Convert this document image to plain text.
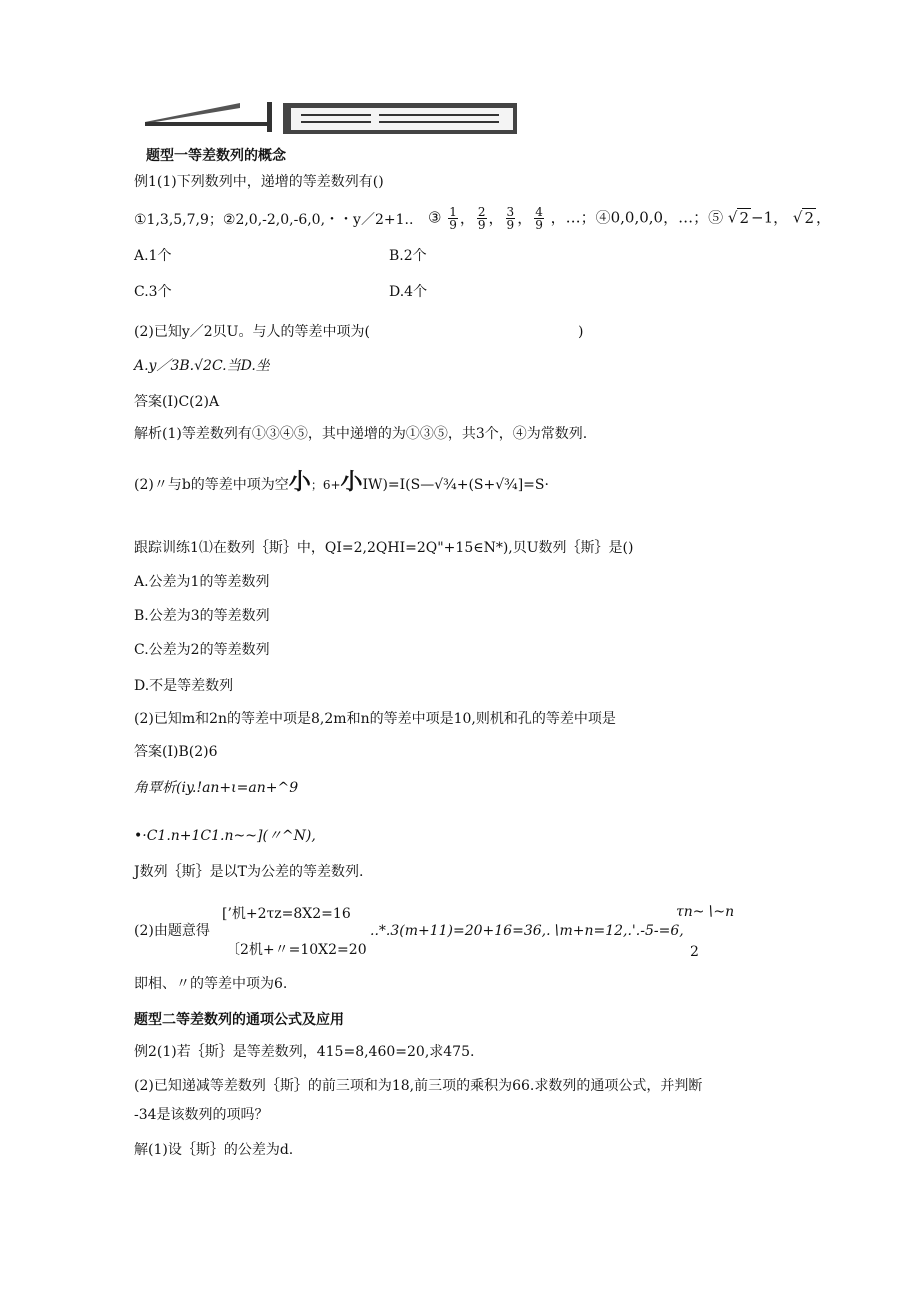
题型一等差数列的概念
例1(1)下列数列中，递增的等差数列有()
①1,3,5,7,9；②2,0,-2,0,-6,0,・・y／2+1.. ③ $\frac{1}{9}$ ， $\frac{2}{9}$ ， $\frac{3}{9}$ ， $\frac{4}{9}$ ，…；④0,0,0,0，…；⑤ √ 2 −1， √ 2 ，
A.1个	B.2个
C.3个	D.4个
(2)已知y／2贝U。与人的等差中项为(	)
A.y／3B.√2C.当D.坐
答案(I)C(2)A
解析(1)等差数列有①③④⑤，其中递增的为①③⑤，共3个，④为常数列.
(2)〃与b的等差中项为空小；6+小IW)=I(S—√¾+(S+√¾]=S·
跟踪训练1⑴在数列｛斯｝中，QI=2,2QHI=2Q"+15∈N*),贝U数列｛斯｝是()
A.公差为1的等差数列
B.公差为3的等差数列
C.公差为2的等差数列
D.不是等差数列
(2)已知m和2n的等差中项是8,2m和n的等差中项是10,则机和孔的等差中项是
答案(I)B(2)6
角覃析(iy.!an+ι=an+^9
•·C1.n+1C1.n~~](〃^N),
J数列｛斯｝是以T为公差的等差数列.
[’机+2τz=8X2=16
(2)由题意得
〔2机+〃=10X2=20
..*.3(m+11)=20+16=36,.∖m+n=12,.'.-5-=6,
τn~∖~n
2
即相、〃的等差中项为6.
题型二等差数列的通项公式及应用
例2(1)若｛斯｝是等差数列，415=8,460=20,求475.
(2)已知递减等差数列｛斯｝的前三项和为18,前三项的乘积为66.求数列的通项公式，并判断
-34是该数列的项吗？
解(1)设｛斯｝的公差为d.
